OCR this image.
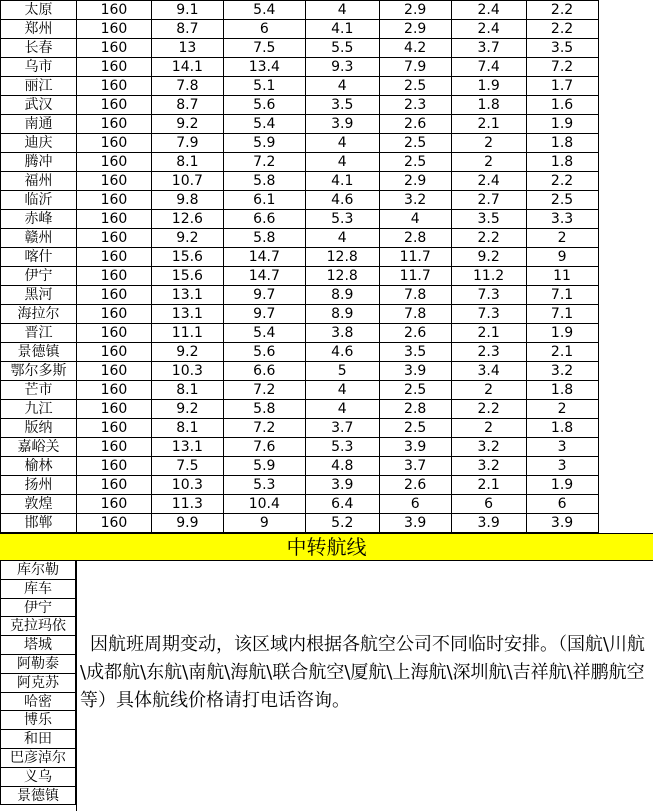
太原	160	9.1	5.4	4	2.9	2.4	2.2	
郑州	160	8.7	6	4.1	2.9	2.4	2.2	
长春	160	13	7.5	5.5	4.2	3.7	3.5	
乌市	160	14.1	13.4	9.3	7.9	7.4	7.2	
丽江	160	7.8	5.1	4	2.5	1.9	1.7	
武汉	160	8.7	5.6	3.5	2.3	1.8	1.6	
南通	160	9.2	5.4	3.9	2.6	2.1	1.9	
迪庆	160	7.9	5.9	4	2.5	2	1.8	
腾冲	160	8.1	7.2	4	2.5	2	1.8	
福州	160	10.7	5.8	4.1	2.9	2.4	2.2	
临沂	160	9.8	6.1	4.6	3.2	2.7	2.5	
赤峰	160	12.6	6.6	5.3	4	3.5	3.3	
赣州	160	9.2	5.8	4	2.8	2.2	2	
喀什	160	15.6	14.7	12.8	11.7	9.2	9	
伊宁	160	15.6	14.7	12.8	11.7	11.2	11	
黑河	160	13.1	9.7	8.9	7.8	7.3	7.1	
海拉尔	160	13.1	9.7	8.9	7.8	7.3	7.1	
晋江	160	11.1	5.4	3.8	2.6	2.1	1.9	
景德镇	160	9.2	5.6	4.6	3.5	2.3	2.1	
鄂尔多斯	160	10.3	6.6	5	3.9	3.4	3.2	
芒市	160	8.1	7.2	4	2.5	2	1.8	
九江	160	9.2	5.8	4	2.8	2.2	2	
版纳	160	8.1	7.2	3.7	2.5	2	1.8	
嘉峪关	160	13.1	7.6	5.3	3.9	3.2	3	
榆林	160	7.5	5.9	4.8	3.7	3.2	3	
扬州	160	10.3	5.3	3.9	2.6	2.1	1.9	
敦煌	160	11.3	10.4	6.4	6	6	6	
邯郸	160	9.9	9	5.2	3.9	3.9	3.9	
中转航线
库尔勒
库车
伊宁
克拉玛依
塔城
阿勒泰
阿克苏
哈密
博乐
和田
巴彦淖尔
义乌
景德镇
因航班周期变动，该区域内根据各航空公司不同临时安排。（国航\川航\成都航\东航\南航\海航\联合航空\厦航\上海航\深圳航\吉祥航\祥鹏航空等）具体航线价格请打电话咨询。
